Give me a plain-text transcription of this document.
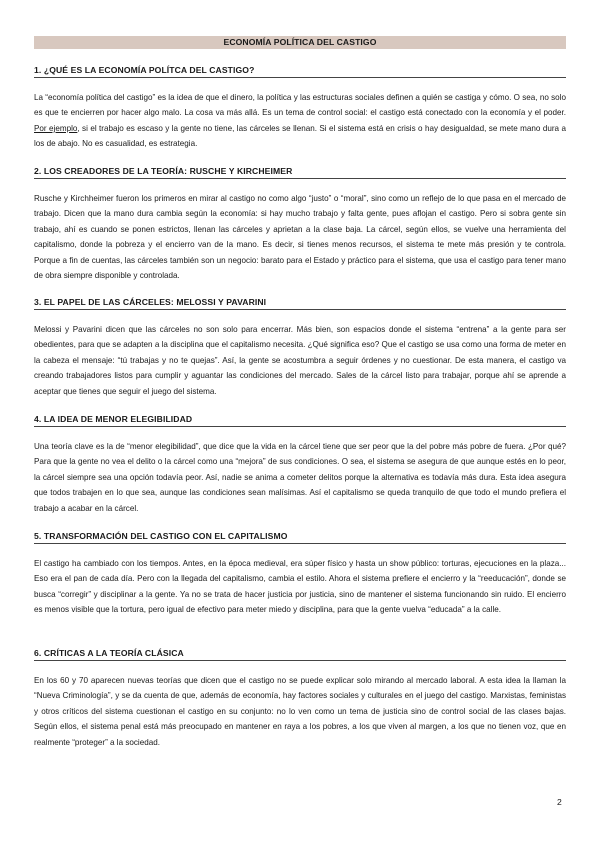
ECONOMÍA POLÍTICA DEL CASTIGO
1. ¿QUÉ ES LA ECONOMÍA POLÍTCA DEL CASTIGO?

La “economía política del castigo” es la idea de que el dinero, la política y las estructuras sociales definen a quién se castiga y cómo. O sea, no solo es que te encierren por hacer algo malo. La cosa va más allá. Es un tema de control social: el castigo está conectado con la economía y el poder. Por ejemplo, si el trabajo es escaso y la gente no tiene, las cárceles se llenan. Si el sistema está en crisis o hay desigualdad, se mete mano dura a los de abajo. No es casualidad, es estrategia.

2. LOS CREADORES DE LA TEORÍA: RUSCHE Y KIRCHEIMER

Rusche y Kirchheimer fueron los primeros en mirar al castigo no como algo “justo” o “moral”, sino como un reflejo de lo que pasa en el mercado de trabajo. Dicen que la mano dura cambia según la economía: si hay mucho trabajo y falta gente, pues aflojan el castigo. Pero si sobra gente sin trabajo, ahí es cuando se ponen estrictos, llenan las cárceles y aprietan a la clase baja. La cárcel, según ellos, se vuelve una herramienta del capitalismo, donde la pobreza y el encierro van de la mano. Es decir, si tienes menos recursos, el sistema te mete más presión y te controla. Porque a fin de cuentas, las cárceles también son un negocio: barato para el Estado y práctico para el sistema, que usa el castigo para tener mano de obra siempre disponible y controlada.

3. EL PAPEL DE LAS CÁRCELES: MELOSSI Y PAVARINI

Melossi y Pavarini dicen que las cárceles no son solo para encerrar. Más bien, son espacios donde el sistema “entrena” a la gente para ser obedientes, para que se adapten a la disciplina que el capitalismo necesita. ¿Qué significa eso? Que el castigo se usa como una forma de meter en la cabeza el mensaje: “tú trabajas y no te quejas”. Así, la gente se acostumbra a seguir órdenes y no cuestionar. De esta manera, el castigo va creando trabajadores listos para cumplir y aguantar las condiciones del mercado. Sales de la cárcel listo para trabajar, porque ahí se aprende a aceptar que tienes que seguir el juego del sistema.

4. LA IDEA DE MENOR ELEGIBILIDAD

Una teoría clave es la de “menor elegibilidad”, que dice que la vida en la cárcel tiene que ser peor que la del pobre más pobre de fuera. ¿Por qué? Para que la gente no vea el delito o la cárcel como una “mejora” de sus condiciones. O sea, el sistema se asegura de que aunque estés en lo peor, la cárcel siempre sea una opción todavía peor. Así, nadie se anima a cometer delitos porque la alternativa es todavía más dura. Esta idea asegura que todos trabajen en lo que sea, aunque las condiciones sean malísimas. Así el capitalismo se queda tranquilo de que todo el mundo prefiera el trabajo a acabar en la cárcel.

5. TRANSFORMACIÓN DEL CASTIGO CON EL CAPITALISMO

El castigo ha cambiado con los tiempos. Antes, en la época medieval, era súper físico y hasta un show público: torturas, ejecuciones en la plaza... Eso era el pan de cada día. Pero con la llegada del capitalismo, cambia el estilo. Ahora el sistema prefiere el encierro y la “reeducación”, donde se busca “corregir” y disciplinar a la gente. Ya no se trata de hacer justicia por justicia, sino de mantener el sistema funcionando sin ruido. El encierro es menos visible que la tortura, pero igual de efectivo para meter miedo y disciplina, para que la gente vuelva “educada” a la calle.

6. CRÍTICAS A LA TEORÍA CLÁSICA

En los 60 y 70 aparecen nuevas teorías que dicen que el castigo no se puede explicar solo mirando al mercado laboral. A esta idea la llaman la “Nueva Criminología”, y se da cuenta de que, además de economía, hay factores sociales y culturales en el juego del castigo. Marxistas, feministas y otros críticos del sistema cuestionan el castigo en su conjunto: no lo ven como un tema de justicia sino de control social de las clases bajas. Según ellos, el sistema penal está más preocupado en mantener en raya a los pobres, a los que viven al margen, a los que no tienen voz, que en realmente “proteger” a la sociedad.

2
